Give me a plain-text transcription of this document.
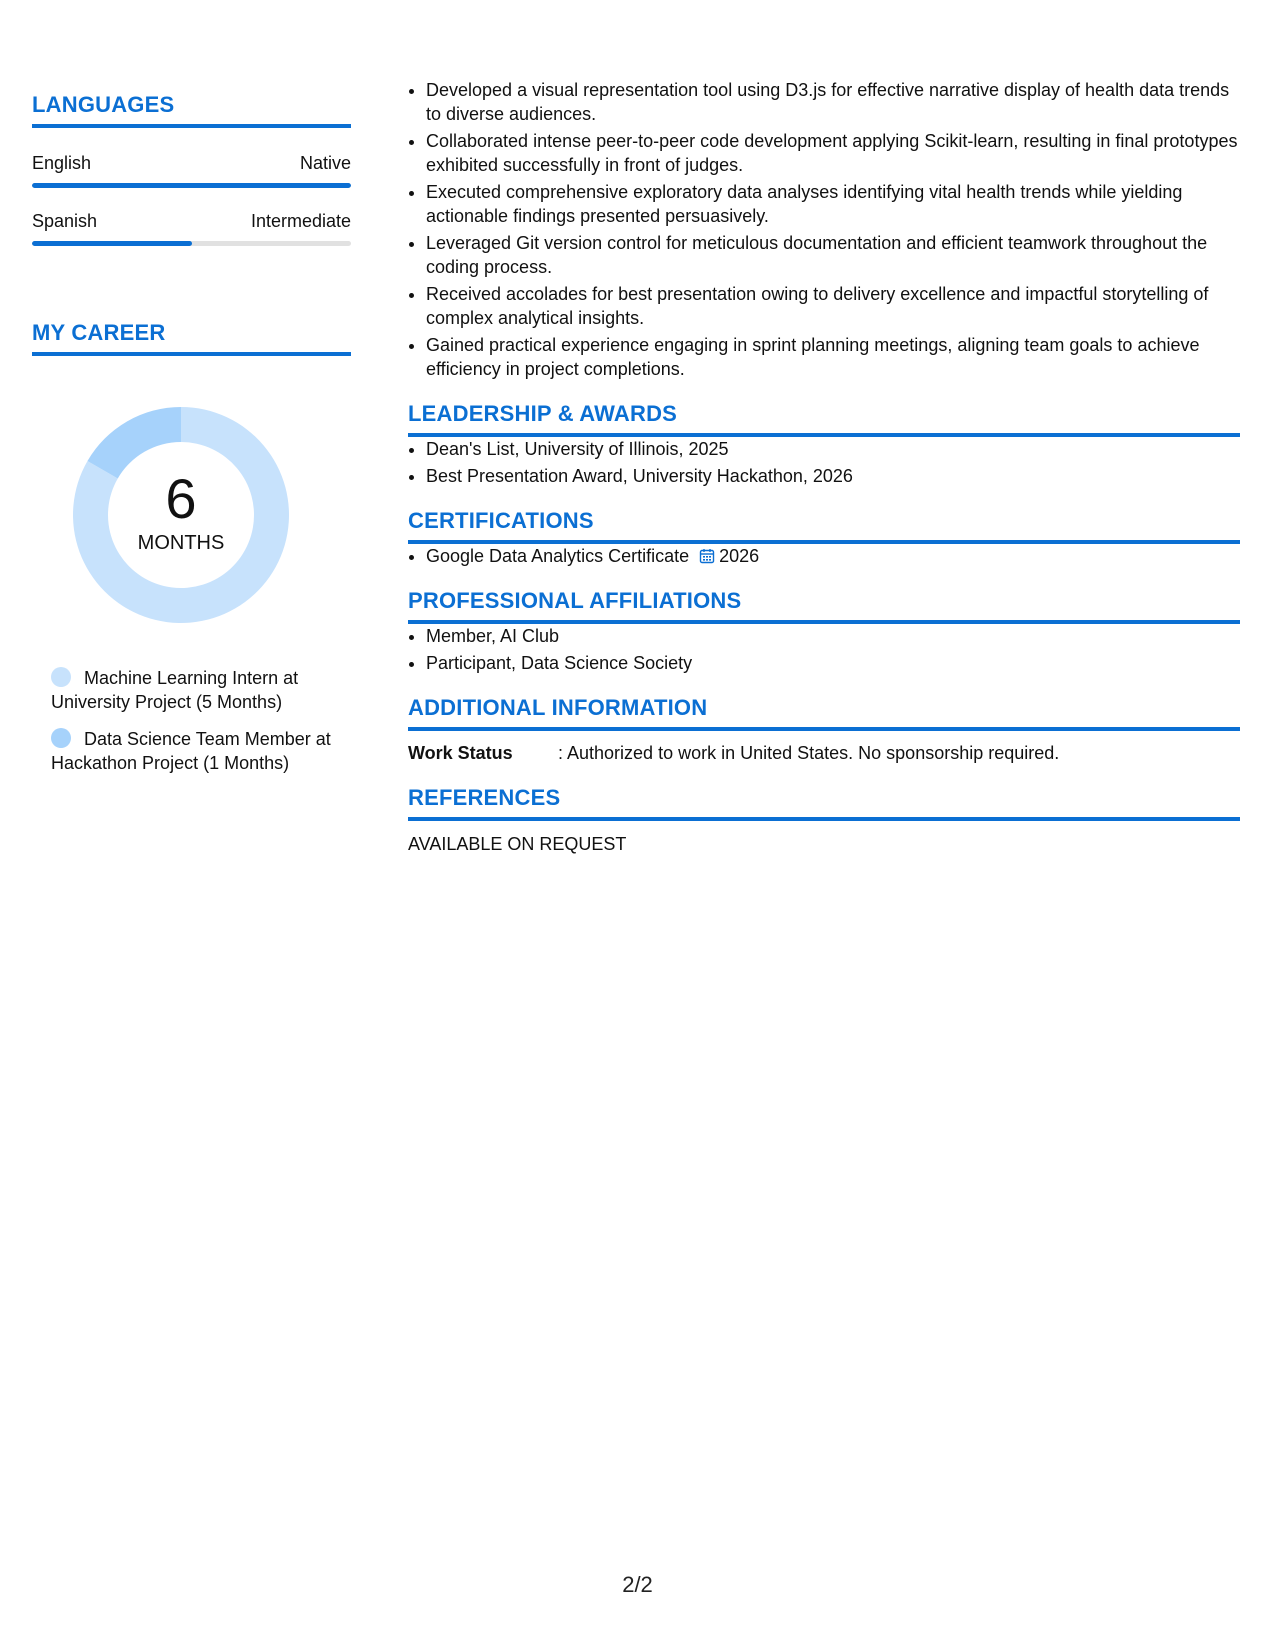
LANGUAGES
English	Native
Spanish	Intermediate
MY CAREER
6
MONTHS
Machine Learning Intern at University Project (5 Months)
Data Science Team Member at Hackathon Project (1 Months)
• Developed a visual representation tool using D3.js for effective narrative display of health data trends to diverse audiences.
• Collaborated intense peer-to-peer code development applying Scikit-learn, resulting in final prototypes exhibited successfully in front of judges.
• Executed comprehensive exploratory data analyses identifying vital health trends while yielding actionable findings presented persuasively.
• Leveraged Git version control for meticulous documentation and efficient teamwork throughout the coding process.
• Received accolades for best presentation owing to delivery excellence and impactful storytelling of complex analytical insights.
• Gained practical experience engaging in sprint planning meetings, aligning team goals to achieve efficiency in project completions.
LEADERSHIP & AWARDS
• Dean's List, University of Illinois, 2025
• Best Presentation Award, University Hackathon, 2026
CERTIFICATIONS
• Google Data Analytics Certificate 2026
PROFESSIONAL AFFILIATIONS
• Member, AI Club
• Participant, Data Science Society
ADDITIONAL INFORMATION
Work Status	: Authorized to work in United States. No sponsorship required.
REFERENCES
AVAILABLE ON REQUEST
2/2
